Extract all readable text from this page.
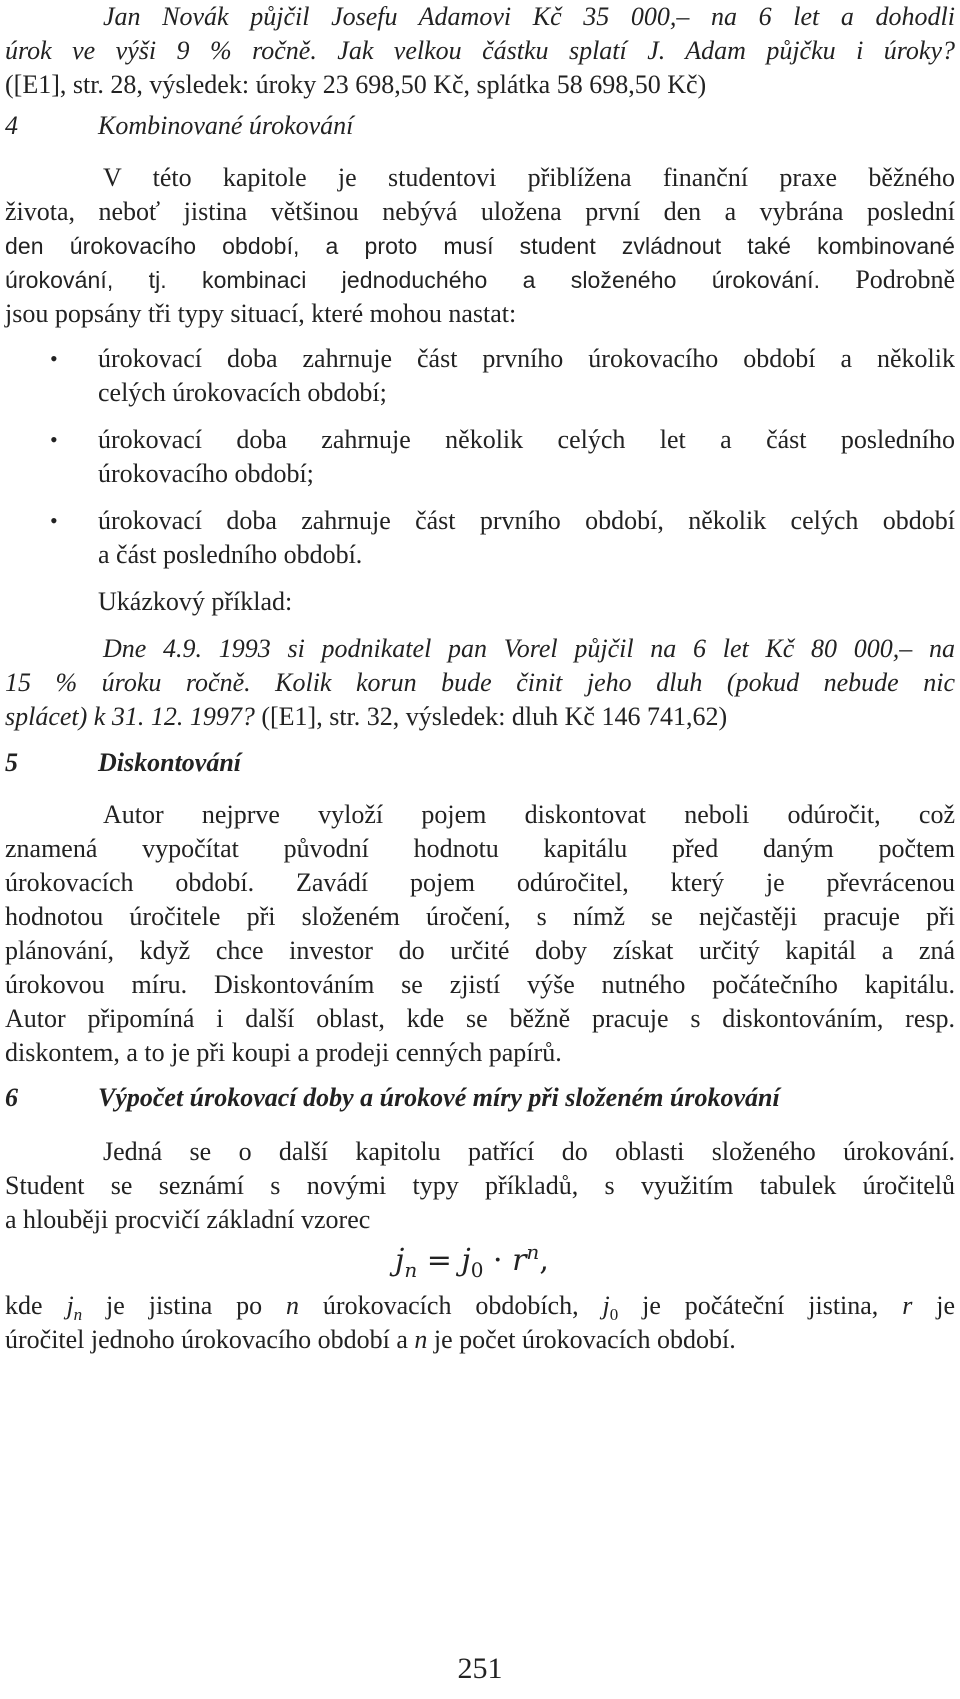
Jan Novák půjčil Josefu Adamovi Kč 35 000,– na 6 let a dohodli
úrok ve výši 9 % ročně. Jak velkou částku splatí J. Adam půjčku i úroky?
([E1], str. 28, výsledek: úroky 23 698,50 Kč, splátka 58 698,50 Kč)
4	Kombinované úrokování
V této kapitole je studentovi přiblížena finanční praxe běžného
života, neboť jistina většinou nebývá uložena první den a vybrána poslední
den úrokovacího období, a proto musí student zvládnout také kombinované
úrokování, tj. kombinaci jednoduchého a složeného úrokování. Podrobně
jsou popsány tři typy situací, které mohou nastat:
• úrokovací doba zahrnuje část prvního úrokovacího období a několik
celých úrokovacích období;
• úrokovací doba zahrnuje několik celých let a část posledního
úrokovacího období;
• úrokovací doba zahrnuje část prvního období, několik celých období
a část posledního období.
Ukázkový příklad:
Dne 4.9. 1993 si podnikatel pan Vorel půjčil na 6 let Kč 80 000,– na
15 % úroku ročně. Kolik korun bude činit jeho dluh (pokud nebude nic
splácet) k 31. 12. 1997? ([E1], str. 32, výsledek: dluh Kč 146 741,62)
5	Diskontování
Autor nejprve vyloží pojem diskontovat neboli odúročit, což
znamená vypočítat původní hodnotu kapitálu před daným počtem
úrokovacích období. Zavádí pojem odúročitel, který je převrácenou
hodnotou úročitele při složeném úročení, s nímž se nejčastěji pracuje při
plánování, když chce investor do určité doby získat určitý kapitál a zná
úrokovou míru. Diskontováním se zjistí výše nutného počátečního kapitálu.
Autor připomíná i další oblast, kde se běžně pracuje s diskontováním, resp.
diskontem, a to je při koupi a prodeji cenných papírů.
6	Výpočet úrokovací doby a úrokové míry při složeném úrokování
Jedná se o další kapitolu patřící do oblasti složeného úrokování.
Student se seznámí s novými typy příkladů, s využitím tabulek úročitelů
a hlouběji procvičí základní vzorec
$j_n = j_0 \cdot r^n$,
kde $j_n$ je jistina po n úrokovacích obdobích, $j_0$ je počáteční jistina, r je
úročitel jednoho úrokovacího období a n je počet úrokovacích období.
251
